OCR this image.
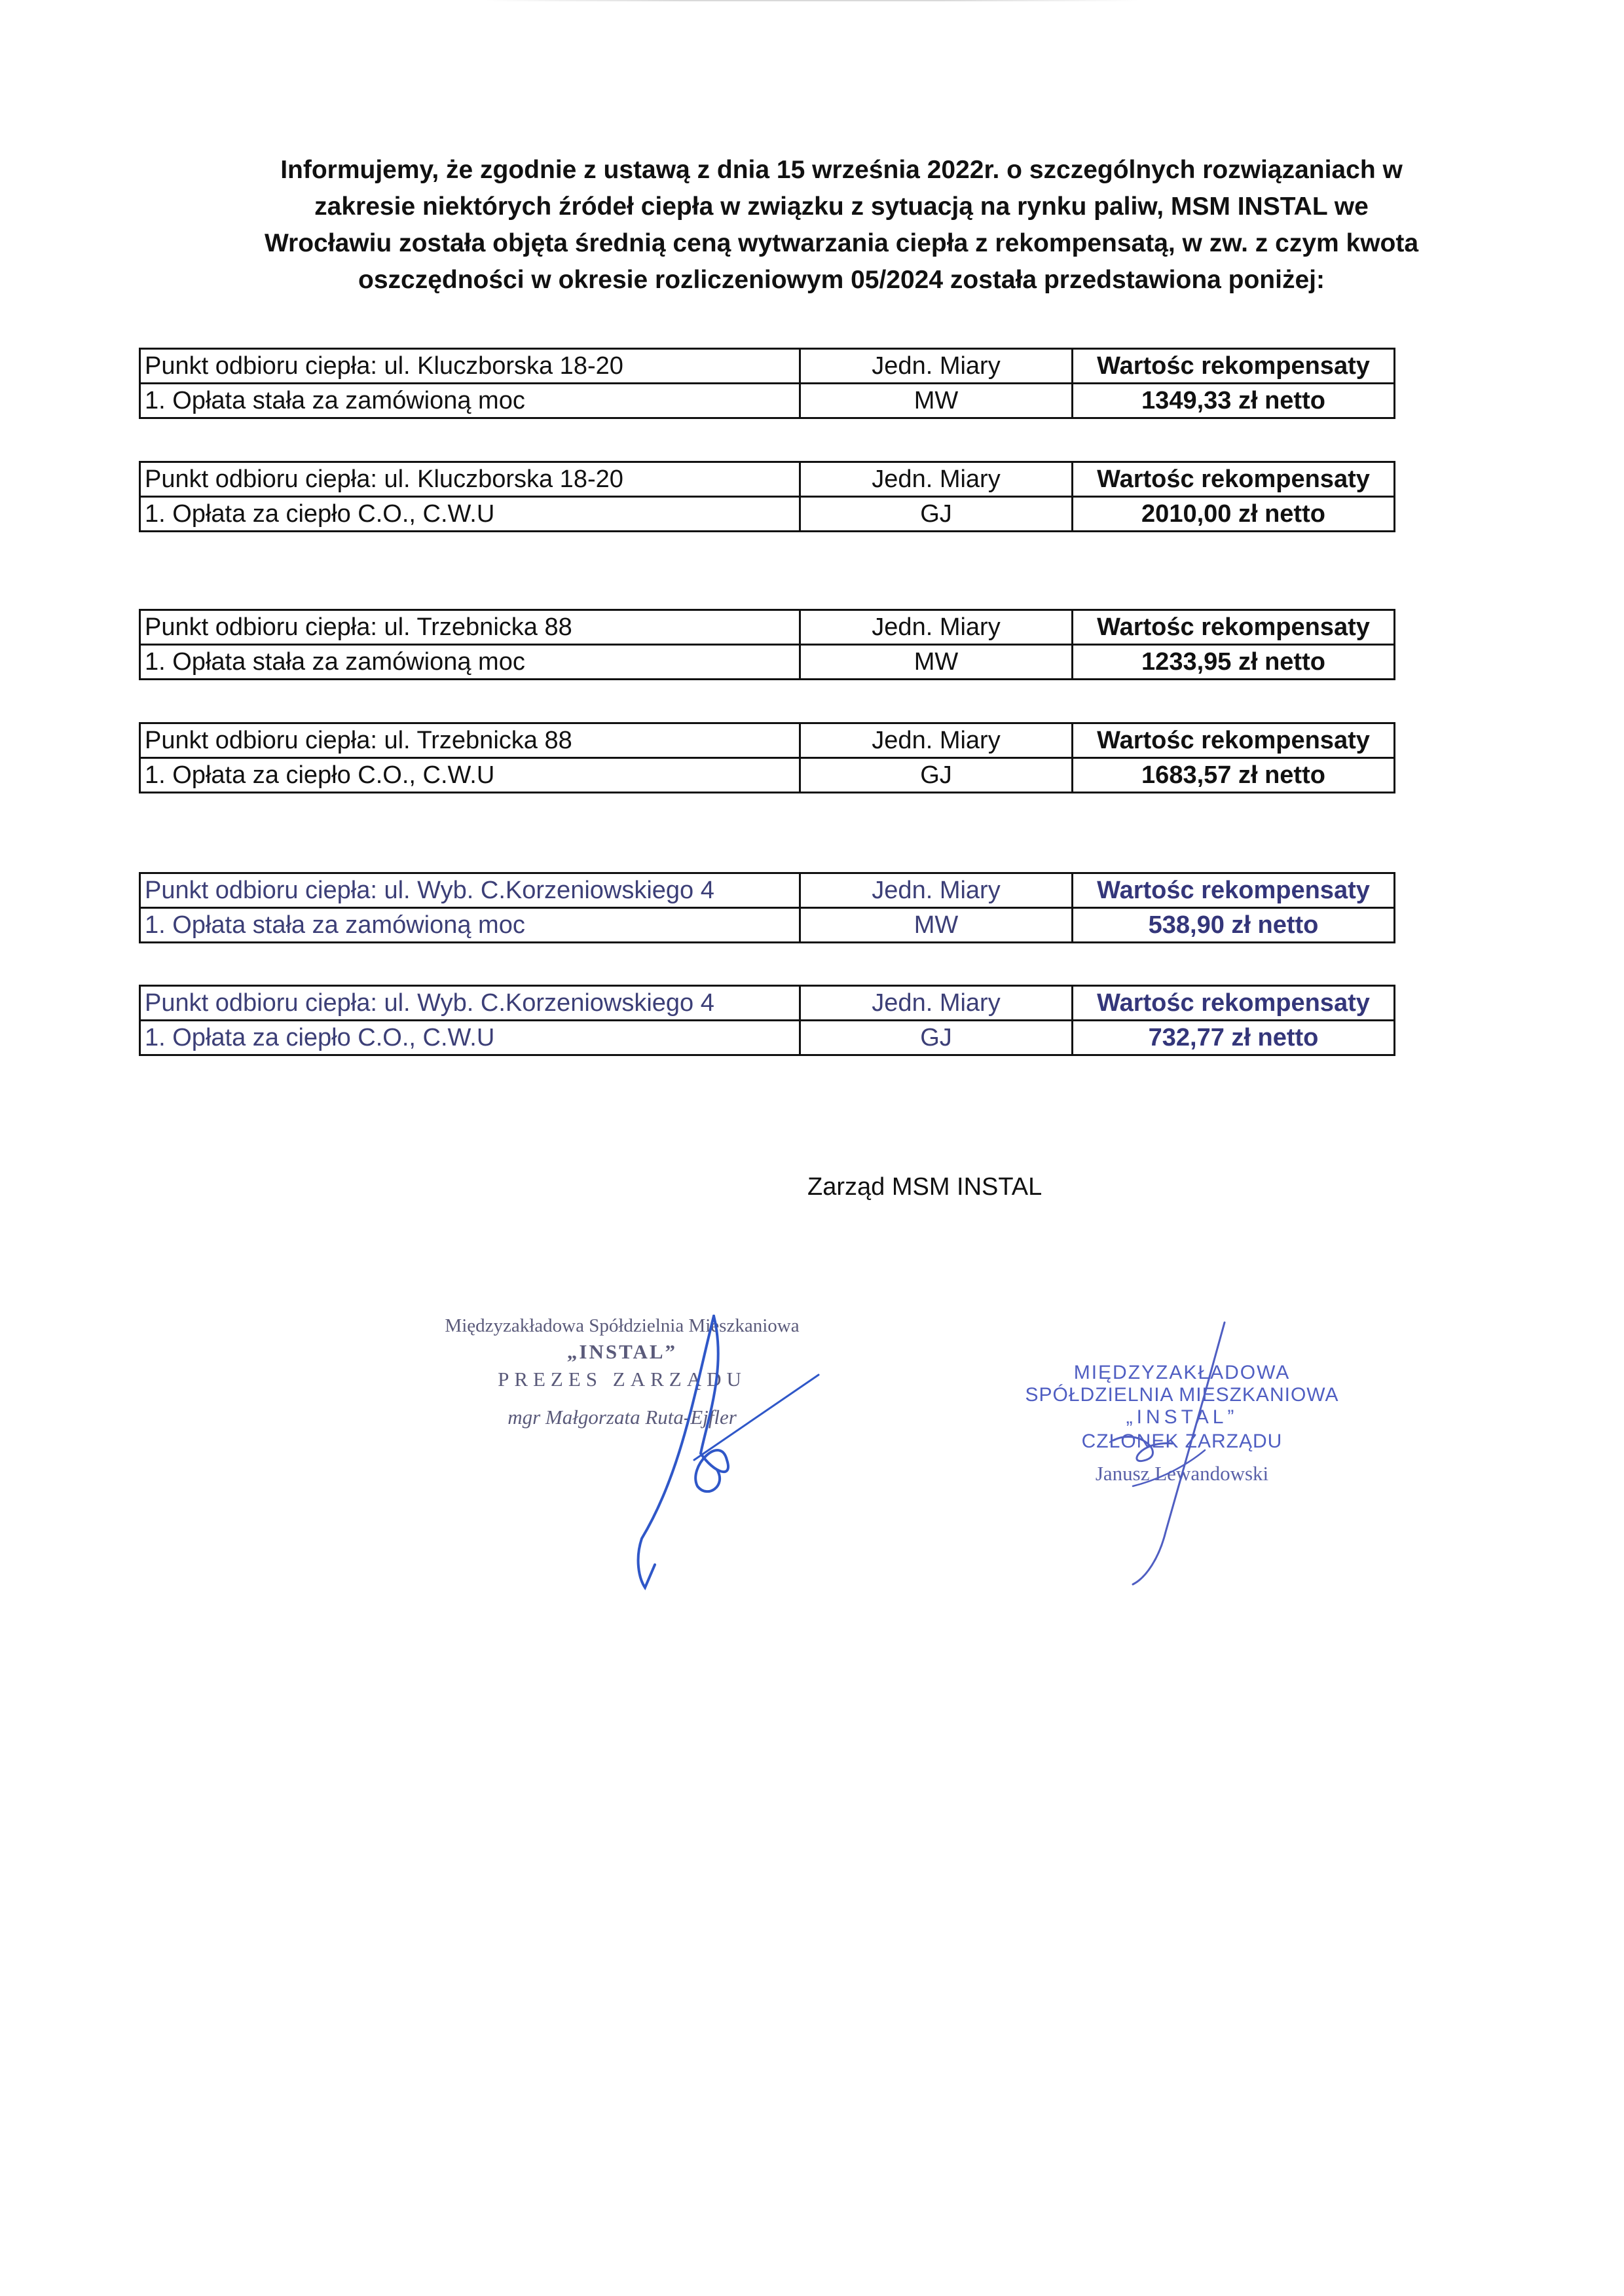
Informujemy, że zgodnie z ustawą z dnia 15 września 2022r. o szczególnych rozwiązaniach w
zakresie niektórych źródeł ciepła w związku z sytuacją na rynku paliw, MSM INSTAL we
Wrocławiu została objęta średnią ceną wytwarzania ciepła z rekompensatą, w zw. z czym kwota
oszczędności w okresie rozliczeniowym 05/2024 została przedstawiona poniżej:

Punkt odbioru ciepła: ul. Kluczborska 18-20	Jedn. Miary	Wartośc rekompensaty
1. Opłata stała za zamówioną moc	MW	1349,33 zł netto
Punkt odbioru ciepła: ul. Kluczborska 18-20	Jedn. Miary	Wartośc rekompensaty
1. Opłata za ciepło C.O., C.W.U	GJ	2010,00 zł netto
Punkt odbioru ciepła: ul. Trzebnicka 88	Jedn. Miary	Wartośc rekompensaty
1. Opłata stała za zamówioną moc	MW	1233,95 zł netto
Punkt odbioru ciepła: ul. Trzebnicka 88	Jedn. Miary	Wartośc rekompensaty
1. Opłata za ciepło C.O., C.W.U	GJ	1683,57 zł netto
Punkt odbioru ciepła: ul. Wyb. C.Korzeniowskiego 4	Jedn. Miary	Wartośc rekompensaty
1. Opłata stała za zamówioną moc	MW	538,90 zł netto
Punkt odbioru ciepła: ul. Wyb. C.Korzeniowskiego 4	Jedn. Miary	Wartośc rekompensaty
1. Opłata za ciepło C.O., C.W.U	GJ	732,77 zł netto
Zarząd MSM INSTAL
Międzyzakładowa Spółdzielnia Mieszkaniowa
„INSTAL”
PREZES ZARZĄDU
mgr Małgorzata Ruta-Ejfler
MIĘDZYZAKŁADOWA
SPÓŁDZIELNIA MIESZKANIOWA
„INSTAL”
CZŁONEK ZARZĄDU
Janusz Lewandowski
